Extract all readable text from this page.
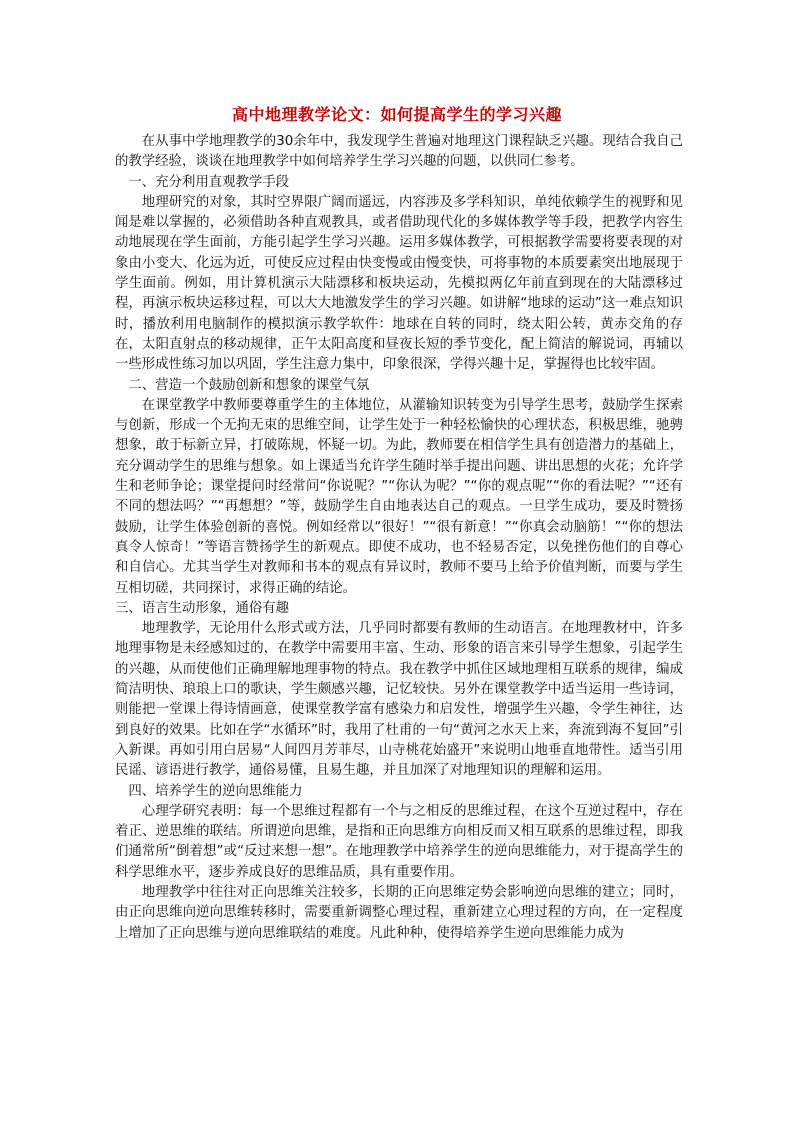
高中地理教学论文：如何提高学生的学习兴趣

在从事中学地理教学的30余年中，我发现学生普遍对地理这门课程缺乏兴趣。现结合我自己的教学经验，谈谈在地理教学中如何培养学生学习兴趣的问题，以供同仁参考。

一、充分利用直观教学手段

地理研究的对象，其时空界限广阔而遥远，内容涉及多学科知识，单纯依赖学生的视野和见闻是难以掌握的，必须借助各种直观教具，或者借助现代化的多媒体教学等手段，把教学内容生动地展现在学生面前，方能引起学生学习兴趣。运用多媒体教学，可根据教学需要将要表现的对象由小变大、化远为近，可使反应过程由快变慢或由慢变快，可将事物的本质要素突出地展现于学生面前。例如，用计算机演示大陆漂移和板块运动，先模拟两亿年前直到现在的大陆漂移过程，再演示板块运移过程，可以大大地激发学生的学习兴趣。如讲解“地球的运动”这一难点知识时，播放利用电脑制作的模拟演示教学软件：地球在自转的同时，绕太阳公转，黄赤交角的存在，太阳直射点的移动规律，正午太阳高度和昼夜长短的季节变化，配上简洁的解说词，再辅以一些形成性练习加以巩固，学生注意力集中，印象很深，学得兴趣十足，掌握得也比较牢固。

二、营造一个鼓励创新和想象的课堂气氛

在课堂教学中教师要尊重学生的主体地位，从灌输知识转变为引导学生思考，鼓励学生探索与创新，形成一个无拘无束的思维空间，让学生处于一种轻松愉快的心理状态，积极思维，驰骋想象，敢于标新立异，打破陈规，怀疑一切。为此，教师要在相信学生具有创造潜力的基础上，充分调动学生的思维与想象。如上课适当允许学生随时举手提出问题、讲出思想的火花；允许学生和老师争论；课堂提问时经常问“你说呢？”“你认为呢？”“你的观点呢”“你的看法呢？”“还有不同的想法吗？”“再想想？”等，鼓励学生自由地表达自己的观点。一旦学生成功，要及时赞扬鼓励，让学生体验创新的喜悦。例如经常以“很好！”“很有新意！”“你真会动脑筋！”“你的想法真令人惊奇！”等语言赞扬学生的新观点。即使不成功，也不轻易否定，以免挫伤他们的自尊心和自信心。尤其当学生对教师和书本的观点有异议时，教师不要马上给予价值判断，而要与学生互相切磋，共同探讨，求得正确的结论。

三、语言生动形象，通俗有趣

地理教学，无论用什么形式或方法，几乎同时都要有教师的生动语言。在地理教材中，许多地理事物是未经感知过的，在教学中需要用丰富、生动、形象的语言来引导学生想象，引起学生的兴趣，从而使他们正确理解地理事物的特点。我在教学中抓住区域地理相互联系的规律，编成简洁明快、琅琅上口的歌诀，学生颇感兴趣，记忆较快。另外在课堂教学中适当运用一些诗词，则能把一堂课上得诗情画意，使课堂教学富有感染力和启发性，增强学生兴趣，令学生神往，达到良好的效果。比如在学“水循环”时，我用了杜甫的一句“黄河之水天上来，奔流到海不复回”引入新课。再如引用白居易“人间四月芳菲尽，山寺桃花始盛开”来说明山地垂直地带性。适当引用民谣、谚语进行教学，通俗易懂，且易生趣，并且加深了对地理知识的理解和运用。

四、培养学生的逆向思维能力

心理学研究表明：每一个思维过程都有一个与之相反的思维过程，在这个互逆过程中，存在着正、逆思维的联结。所谓逆向思维，是指和正向思维方向相反而又相互联系的思维过程，即我们通常所“倒着想”或“反过来想一想”。在地理教学中培养学生的逆向思维能力，对于提高学生的科学思维水平，逐步养成良好的思维品质，具有重要作用。

地理教学中往往对正向思维关注较多，长期的正向思维定势会影响逆向思维的建立；同时，由正向思维向逆向思维转移时，需要重新调整心理过程，重新建立心理过程的方向，在一定程度上增加了正向思维与逆向思维联结的难度。凡此种种，使得培养学生逆向思维能力成为
